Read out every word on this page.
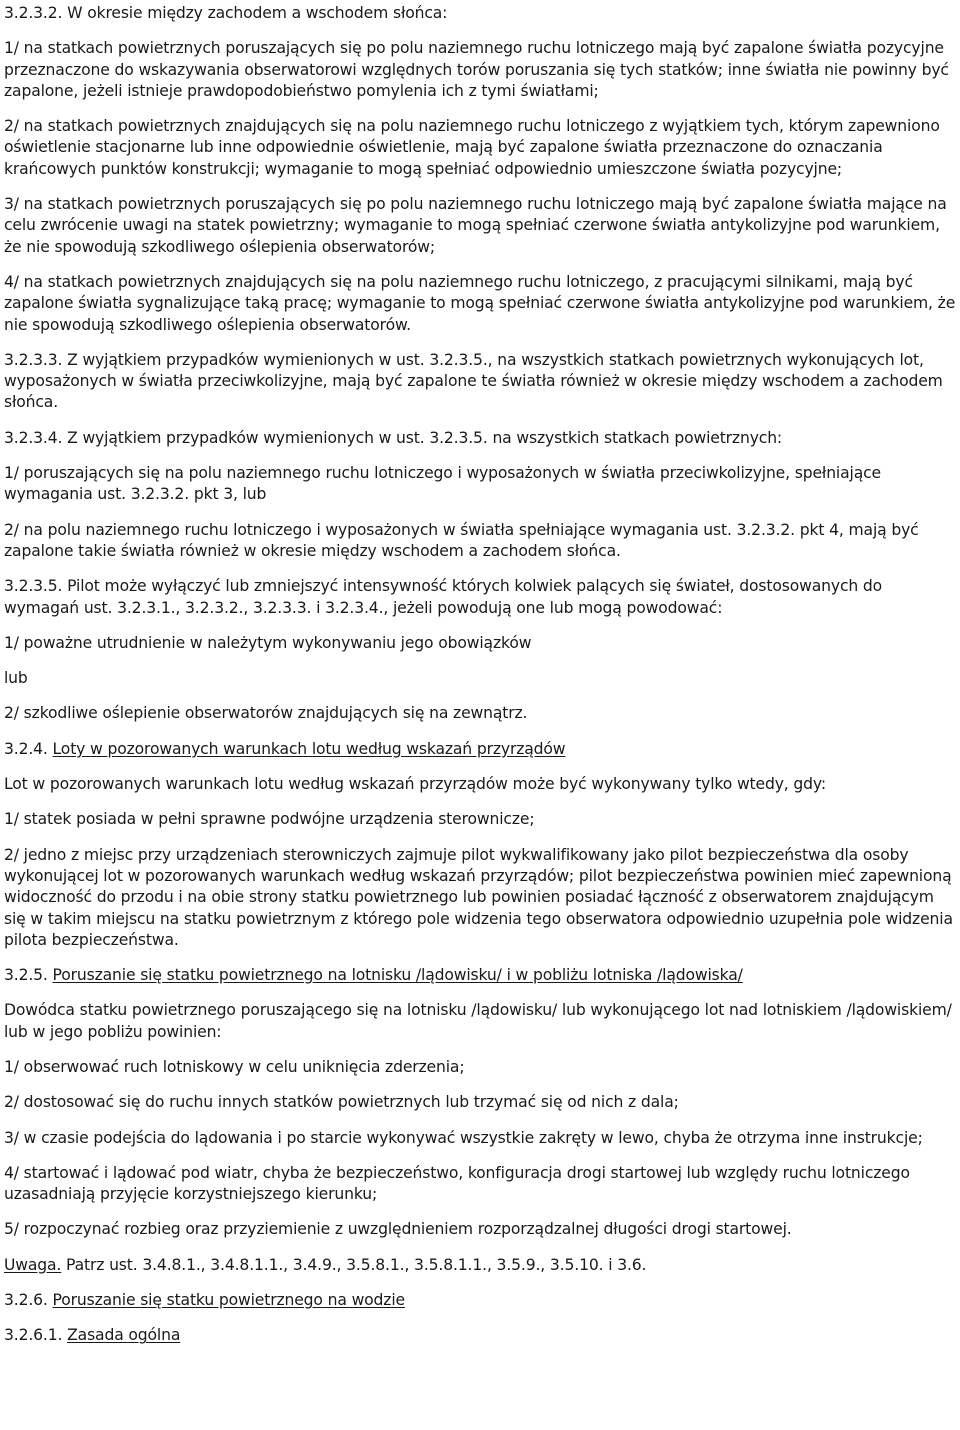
3.2.3.2. W okresie między zachodem a wschodem słońca:

1/ na statkach powietrznych poruszających się po polu naziemnego ruchu lotniczego mają być zapalone światła pozycyjne przeznaczone do wskazywania obserwatorowi względnych torów poruszania się tych statków; inne światła nie powinny być zapalone, jeżeli istnieje prawdopodobieństwo pomylenia ich z tymi światłami;

2/ na statkach powietrznych znajdujących się na polu naziemnego ruchu lotniczego z wyjątkiem tych, którym zapewniono oświetlenie stacjonarne lub inne odpowiednie oświetlenie, mają być zapalone światła przeznaczone do oznaczania krańcowych punktów konstrukcji; wymaganie to mogą spełniać odpowiednio umieszczone światła pozycyjne;

3/ na statkach powietrznych poruszających się po polu naziemnego ruchu lotniczego mają być zapalone światła mające na celu zwrócenie uwagi na statek powietrzny; wymaganie to mogą spełniać czerwone światła antykolizyjne pod warunkiem, że nie spowodują szkodliwego oślepienia obserwatorów;

4/ na statkach powietrznych znajdujących się na polu naziemnego ruchu lotniczego, z pracującymi silnikami, mają być zapalone światła sygnalizujące taką pracę; wymaganie to mogą spełniać czerwone światła antykolizyjne pod warunkiem, że nie spowodują szkodliwego oślepienia obserwatorów.

3.2.3.3. Z wyjątkiem przypadków wymienionych w ust. 3.2.3.5., na wszystkich statkach powietrznych wykonujących lot, wyposażonych w światła przeciwkolizyjne, mają być zapalone te światła również w okresie między wschodem a zachodem słońca.

3.2.3.4. Z wyjątkiem przypadków wymienionych w ust. 3.2.3.5. na wszystkich statkach powietrznych:

1/ poruszających się na polu naziemnego ruchu lotniczego i wyposażonych w światła przeciwkolizyjne, spełniające wymagania ust. 3.2.3.2. pkt 3, lub

2/ na polu naziemnego ruchu lotniczego i wyposażonych w światła spełniające wymagania ust. 3.2.3.2. pkt 4, mają być zapalone takie światła również w okresie między wschodem a zachodem słońca.

3.2.3.5. Pilot może wyłączyć lub zmniejszyć intensywność których kolwiek palących się świateł, dostosowanych do wymagań ust. 3.2.3.1., 3.2.3.2., 3.2.3.3. i 3.2.3.4., jeżeli powodują one lub mogą powodować:

1/ poważne utrudnienie w należytym wykonywaniu jego obowiązków

lub

2/ szkodliwe oślepienie obserwatorów znajdujących się na zewnątrz.

3.2.4. Loty w pozorowanych warunkach lotu według wskazań przyrządów

Lot w pozorowanych warunkach lotu według wskazań przyrządów może być wykonywany tylko wtedy, gdy:

1/ statek posiada w pełni sprawne podwójne urządzenia sterownicze;

2/ jedno z miejsc przy urządzeniach sterowniczych zajmuje pilot wykwalifikowany jako pilot bezpieczeństwa dla osoby wykonującej lot w pozorowanych warunkach według wskazań przyrządów; pilot bezpieczeństwa powinien mieć zapewnioną widoczność do przodu i na obie strony statku powietrznego lub powinien posiadać łączność z obserwatorem znajdującym się w takim miejscu na statku powietrznym z którego pole widzenia tego obserwatora odpowiednio uzupełnia pole widzenia pilota bezpieczeństwa.

3.2.5. Poruszanie się statku powietrznego na lotnisku /lądowisku/ i w pobliżu lotniska /lądowiska/

Dowódca statku powietrznego poruszającego się na lotnisku /lądowisku/ lub wykonującego lot nad lotniskiem /lądowiskiem/ lub w jego pobliżu powinien:

1/ obserwować ruch lotniskowy w celu uniknięcia zderzenia;

2/ dostosować się do ruchu innych statków powietrznych lub trzymać się od nich z dala;

3/ w czasie podejścia do lądowania i po starcie wykonywać wszystkie zakręty w lewo, chyba że otrzyma inne instrukcje;

4/ startować i lądować pod wiatr, chyba że bezpieczeństwo, konfiguracja drogi startowej lub względy ruchu lotniczego uzasadniają przyjęcie korzystniejszego kierunku;

5/ rozpoczynać rozbieg oraz przyziemienie z uwzględnieniem rozporządzalnej długości drogi startowej.

Uwaga. Patrz ust. 3.4.8.1., 3.4.8.1.1., 3.4.9., 3.5.8.1., 3.5.8.1.1., 3.5.9., 3.5.10. i 3.6.

3.2.6. Poruszanie się statku powietrznego na wodzie

3.2.6.1. Zasada ogólna
